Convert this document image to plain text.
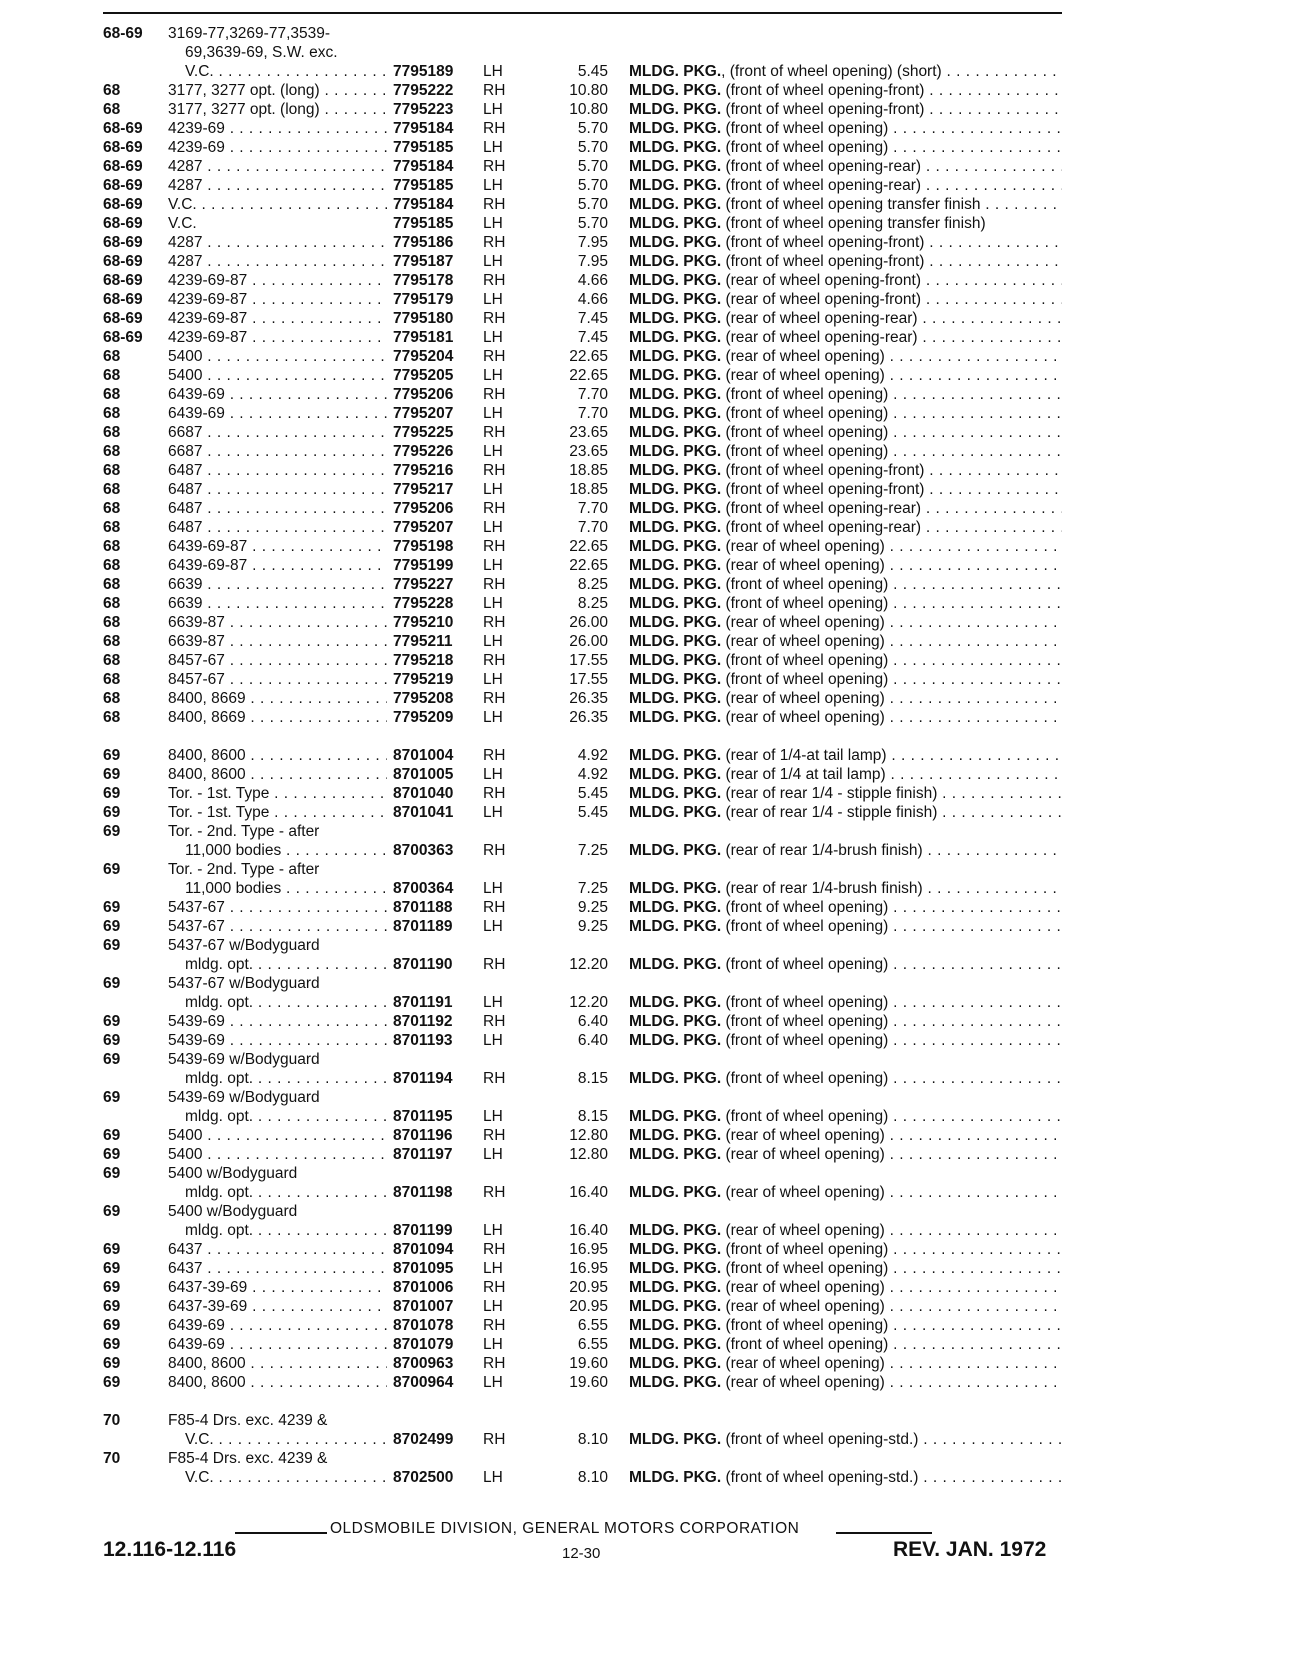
68-69 3169-77,3269-77,3539-
69,3639-69, S.W. exc.
V.C. . . .	7795189 LH	5.45 MLDG. PKG., (front of wheel opening) (short) . . .
68	3177, 3277 opt. (long) . . .	7795222 RH	10.80 MLDG. PKG. (front of wheel opening-front) . . .
68	3177, 3277 opt. (long) . . .	7795223 LH	10.80 MLDG. PKG. (front of wheel opening-front) . . .
68-69 4239-69 . . .	7795184 RH	5.70 MLDG. PKG. (front of wheel opening) . . .
68-69 4239-69 . . .	7795185 LH	5.70 MLDG. PKG. (front of wheel opening) . . .
68-69 4287 . . .	7795184 RH	5.70 MLDG. PKG. (front of wheel opening-rear) . . .
68-69 4287 . . .	7795185 LH	5.70 MLDG. PKG. (front of wheel opening-rear) . . .
68-69 V.C. . . .	7795184 RH	5.70 MLDG. PKG. (front of wheel opening transfer finish . . .
68-69 V.C.	7795185 LH	5.70 MLDG. PKG. (front of wheel opening transfer finish)
68-69 4287 . . .	7795186 RH	7.95 MLDG. PKG. (front of wheel opening-front) . . .
68-69 4287 . . .	7795187 LH	7.95 MLDG. PKG. (front of wheel opening-front) . . .
68-69 4239-69-87 . . .	7795178 RH	4.66 MLDG. PKG. (rear of wheel opening-front) . . .
68-69 4239-69-87 . . .	7795179 LH	4.66 MLDG. PKG. (rear of wheel opening-front) . . .
68-69 4239-69-87 . . .	7795180 RH	7.45 MLDG. PKG. (rear of wheel opening-rear) . . .
68-69 4239-69-87 . . .	7795181 LH	7.45 MLDG. PKG. (rear of wheel opening-rear) . . .
68	5400 . . .	7795204 RH	22.65 MLDG. PKG. (rear of wheel opening) . . .
68	5400 . . .	7795205 LH	22.65 MLDG. PKG. (rear of wheel opening) . . .
68	6439-69 . . .	7795206 RH	7.70 MLDG. PKG. (front of wheel opening) . . .
68	6439-69 . . .	7795207 LH	7.70 MLDG. PKG. (front of wheel opening) . . .
68	6687 . . .	7795225 RH	23.65 MLDG. PKG. (front of wheel opening) . . .
68	6687 . . .	7795226 LH	23.65 MLDG. PKG. (front of wheel opening) . . .
68	6487 . . .	7795216 RH	18.85 MLDG. PKG. (front of wheel opening-front) . . .
68	6487 . . .	7795217 LH	18.85 MLDG. PKG. (front of wheel opening-front) . . .
68	6487 . . .	7795206 RH	7.70 MLDG. PKG. (front of wheel opening-rear) . . .
68	6487 . . .	7795207 LH	7.70 MLDG. PKG. (front of wheel opening-rear) . . .
68	6439-69-87 . . .	7795198 RH	22.65 MLDG. PKG. (rear of wheel opening) . . .
68	6439-69-87 . . .	7795199 LH	22.65 MLDG. PKG. (rear of wheel opening) . . .
68	6639 . . .	7795227 RH	8.25 MLDG. PKG. (front of wheel opening) . . .
68	6639 . . .	7795228 LH	8.25 MLDG. PKG. (front of wheel opening) . . .
68	6639-87 . . .	7795210 RH	26.00 MLDG. PKG. (rear of wheel opening) . . .
68	6639-87 . . .	7795211 LH	26.00 MLDG. PKG. (rear of wheel opening) . . .
68	8457-67 . . .	7795218 RH	17.55 MLDG. PKG. (front of wheel opening) . . .
68	8457-67 . . .	7795219 LH	17.55 MLDG. PKG. (front of wheel opening) . . .
68	8400, 8669 . . .	7795208 RH	26.35 MLDG. PKG. (rear of wheel opening) . . .
68	8400, 8669 . . .	7795209 LH	26.35 MLDG. PKG. (rear of wheel opening) . . .
69	8400, 8600 . . .	8701004 RH	4.92 MLDG. PKG. (rear of 1/4-at tail lamp) . . .
69	8400, 8600 . . .	8701005 LH	4.92 MLDG. PKG. (rear of 1/4 at tail lamp) . . .
69	Tor. - 1st. Type . . .	8701040 RH	5.45 MLDG. PKG. (rear of rear 1/4 - stipple finish) . . .
69	Tor. - 1st. Type . . .	8701041 LH	5.45 MLDG. PKG. (rear of rear 1/4 - stipple finish) . . .
69	Tor. - 2nd. Type - after
11,000 bodies . . .	8700363 RH	7.25 MLDG. PKG. (rear of rear 1/4-brush finish) . . .
69	Tor. - 2nd. Type - after
11,000 bodies . . .	8700364 LH	7.25 MLDG. PKG. (rear of rear 1/4-brush finish) . . .
69	5437-67 . . .	8701188 RH	9.25 MLDG. PKG. (front of wheel opening) . . .
69	5437-67 . . .	8701189 LH	9.25 MLDG. PKG. (front of wheel opening) . . .
69	5437-67 w/Bodyguard
mldg. opt. . . .	8701190 RH	12.20 MLDG. PKG. (front of wheel opening) . . .
69	5437-67 w/Bodyguard
mldg. opt. . . .	8701191 LH	12.20 MLDG. PKG. (front of wheel opening) . . .
69	5439-69 . . .	8701192 RH	6.40 MLDG. PKG. (front of wheel opening) . . .
69	5439-69 . . .	8701193 LH	6.40 MLDG. PKG. (front of wheel opening) . . .
69	5439-69 w/Bodyguard
mldg. opt. . . .	8701194 RH	8.15 MLDG. PKG. (front of wheel opening) . . .
69	5439-69 w/Bodyguard
mldg. opt. . . .	8701195 LH	8.15 MLDG. PKG. (front of wheel opening) . . .
69	5400 . . .	8701196 RH	12.80 MLDG. PKG. (rear of wheel opening) . . .
69	5400 . . .	8701197 LH	12.80 MLDG. PKG. (rear of wheel opening) . . .
69	5400 w/Bodyguard
mldg. opt. . . .	8701198 RH	16.40 MLDG. PKG. (rear of wheel opening) . . .
69	5400 w/Bodyguard
mldg. opt. . . .	8701199 LH	16.40 MLDG. PKG. (rear of wheel opening) . . .
69	6437 . . .	8701094 RH	16.95 MLDG. PKG. (front of wheel opening) . . .
69	6437 . . .	8701095 LH	16.95 MLDG. PKG. (front of wheel opening) . . .
69	6437-39-69 . . .	8701006 RH	20.95 MLDG. PKG. (rear of wheel opening) . . .
69	6437-39-69 . . .	8701007 LH	20.95 MLDG. PKG. (rear of wheel opening) . . .
69	6439-69 . . .	8701078 RH	6.55 MLDG. PKG. (front of wheel opening) . . .
69	6439-69 . . .	8701079 LH	6.55 MLDG. PKG. (front of wheel opening) . . .
69	8400, 8600 . . .	8700963 RH	19.60 MLDG. PKG. (rear of wheel opening) . . .
69	8400, 8600 . . .	8700964 LH	19.60 MLDG. PKG. (rear of wheel opening) . . .
70	F85-4 Drs. exc. 4239 &
V.C. . . .	8702499 RH	8.10 MLDG. PKG. (front of wheel opening-std.) . . .
70	F85-4 Drs. exc. 4239 &
V.C. . . .	8702500 LH	8.10 MLDG. PKG. (front of wheel opening-std.) . . .
OLDSMOBILE DIVISION, GENERAL MOTORS CORPORATION
12.116-12.116	12-30	REV. JAN. 1972
